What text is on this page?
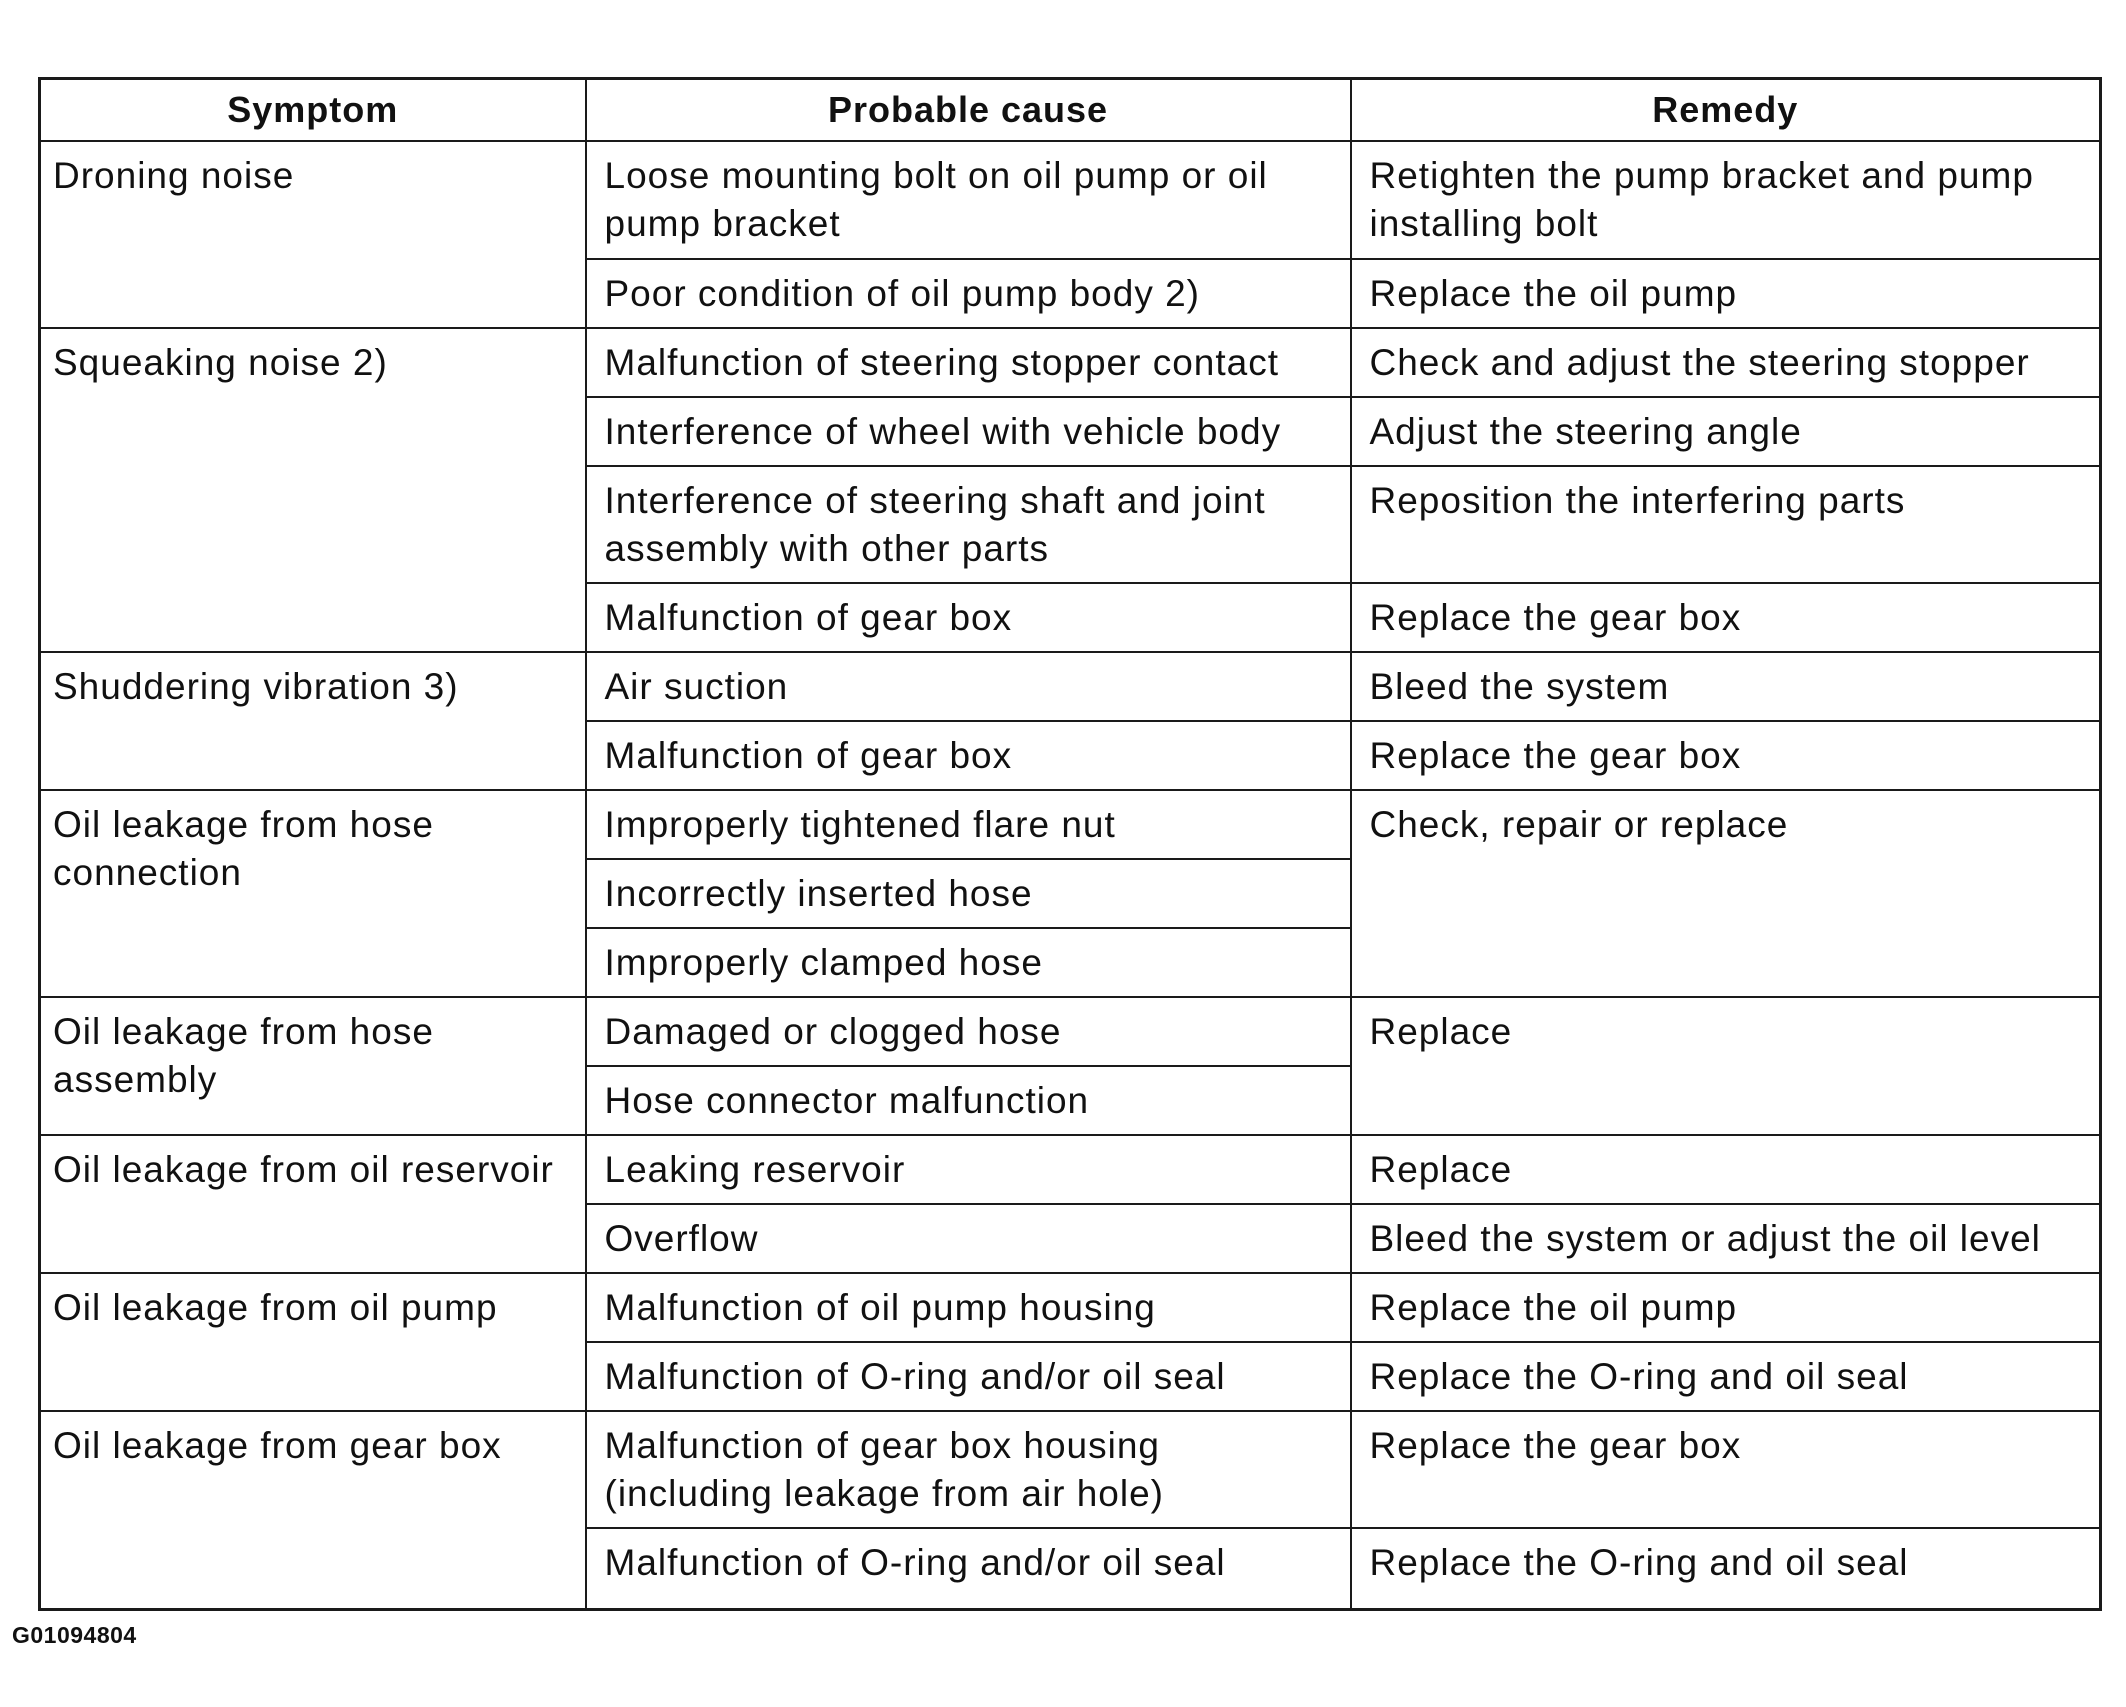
Symptom	Probable cause	Remedy
Droning noise	Loose mounting bolt on oil pump or oil pump bracket	Retighten the pump bracket and pump installing bolt
	Poor condition of oil pump body 2)	Replace the oil pump
Squeaking noise 2)	Malfunction of steering stopper contact	Check and adjust the steering stopper
	Interference of wheel with vehicle body	Adjust the steering angle
	Interference of steering shaft and joint assembly with other parts	Reposition the interfering parts
	Malfunction of gear box	Replace the gear box
Shuddering vibration 3)	Air suction	Bleed the system
	Malfunction of gear box	Replace the gear box
Oil leakage from hose connection	Improperly tightened flare nut	Check, repair or replace
	Incorrectly inserted hose	
	Improperly clamped hose	
Oil leakage from hose assembly	Damaged or clogged hose	Replace
	Hose connector malfunction	
Oil leakage from oil reservoir	Leaking reservoir	Replace
	Overflow	Bleed the system or adjust the oil level
Oil leakage from oil pump	Malfunction of oil pump housing	Replace the oil pump
	Malfunction of O-ring and/or oil seal	Replace the O-ring and oil seal
Oil leakage from gear box	Malfunction of gear box housing (including leakage from air hole)	Replace the gear box
	Malfunction of O-ring and/or oil seal	Replace the O-ring and oil seal
G01094804
